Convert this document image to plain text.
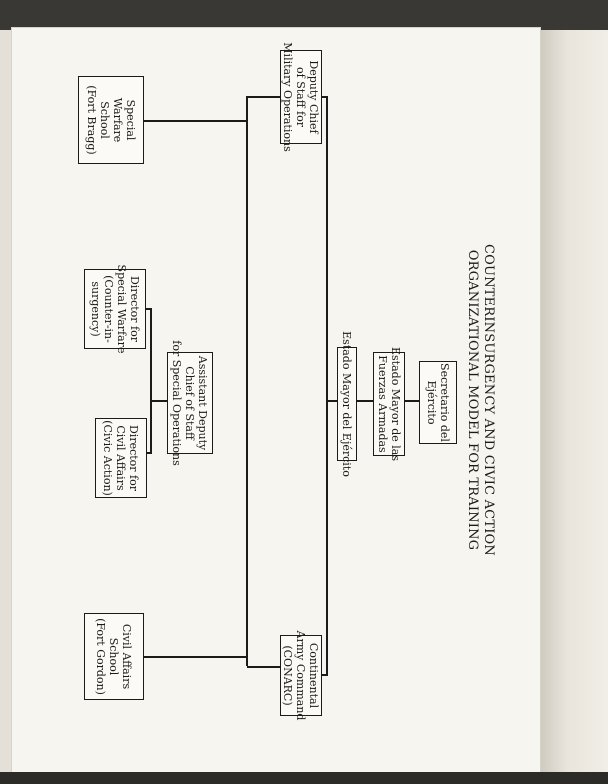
COUNTERINSURGENCY AND CIVIC ACTION
ORGANIZATIONAL MODEL FOR TRAINING
Secretario del
Ejército
Estado Mayor de las
Fuerzas Armadas
Estado Mayor del Ejército
Deputy Chief
of Staff for
Military Operations
Continental
Army Command
(CONARC)
Assistant Deputy
Chief of Staff
for Special Operations
Director for
Special Warfare
(Counter-in-
surgency)
Director for
Civil Affairs
(Civic Action)
Special
Warfare
School
(Fort Bragg)
Civil Affairs
School
(Fort Gordon)
